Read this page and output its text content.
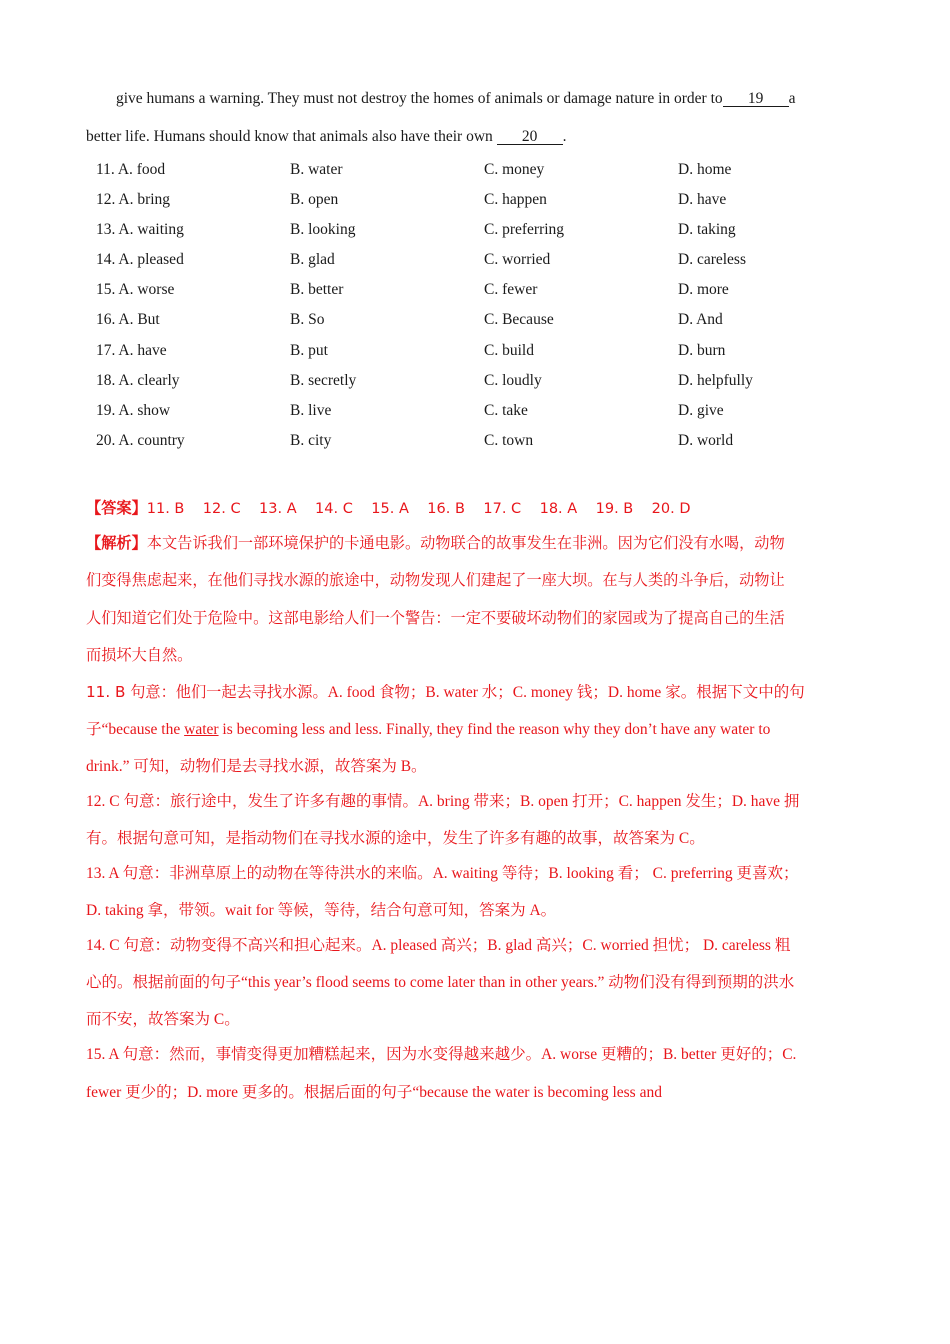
give humans a warning. They must not destroy the homes of animals or damage nature in order to 19 a
better life. Humans should know that animals also have their own 20 .
11. A. food	B. water	C. money	D. home
12. A. bring	B. open	C. happen	D. have
13. A. waiting	B. looking	C. preferring	D. taking
14. A. pleased	B. glad	C. worried	D. careless
15. A. worse	B. better	C. fewer	D. more
16. A. But	B. So	C. Because	D. And
17. A. have	B. put	C. build	D. burn
18. A. clearly	B. secretly	C. loudly	D. helpfully
19. A. show	B. live	C. take	D. give
20. A. country	B. city	C. town	D. world
【答案】11. B    12. C    13. A    14. C    15. A    16. B    17. C    18. A    19. B    20. D
【解析】本文告诉我们一部环境保护的卡通电影。动物联合的故事发生在非洲。因为它们没有水喝，动物
们变得焦虑起来，在他们寻找水源的旅途中，动物发现人们建起了一座大坝。在与人类的斗争后，动物让
人们知道它们处于危险中。这部电影给人们一个警告：一定不要破坏动物们的家园或为了提高自己的生活
而损坏大自然。
11. B 句意：他们一起去寻找水源。A. food 食物；B. water 水；C. money 钱；D. home 家。根据下文中的句
子“because the water is becoming less and less. Finally, they find the reason why they don’t have any water to
drink.” 可知，动物们是去寻找水源，故答案为 B。
12. C 句意：旅行途中，发生了许多有趣的事情。A. bring 带来；B. open 打开；C. happen 发生；D. have 拥
有。根据句意可知，是指动物们在寻找水源的途中，发生了许多有趣的故事，故答案为 C。
13. A 句意：非洲草原上的动物在等待洪水的来临。A. waiting 等待；B. looking 看； C. preferring 更喜欢；
D. taking 拿，带领。wait for 等候，等待，结合句意可知，答案为 A。
14. C 句意：动物变得不高兴和担心起来。A. pleased 高兴；B. glad 高兴；C. worried 担忧； D. careless 粗
心的。根据前面的句子“this year’s flood seems to come later than in other years.” 动物们没有得到预期的洪水
而不安，故答案为 C。
15. A 句意：然而，事情变得更加糟糕起来，因为水变得越来越少。A. worse 更糟的；B. better 更好的；C.
fewer 更少的；D. more 更多的。根据后面的句子“because the water is becoming less and
